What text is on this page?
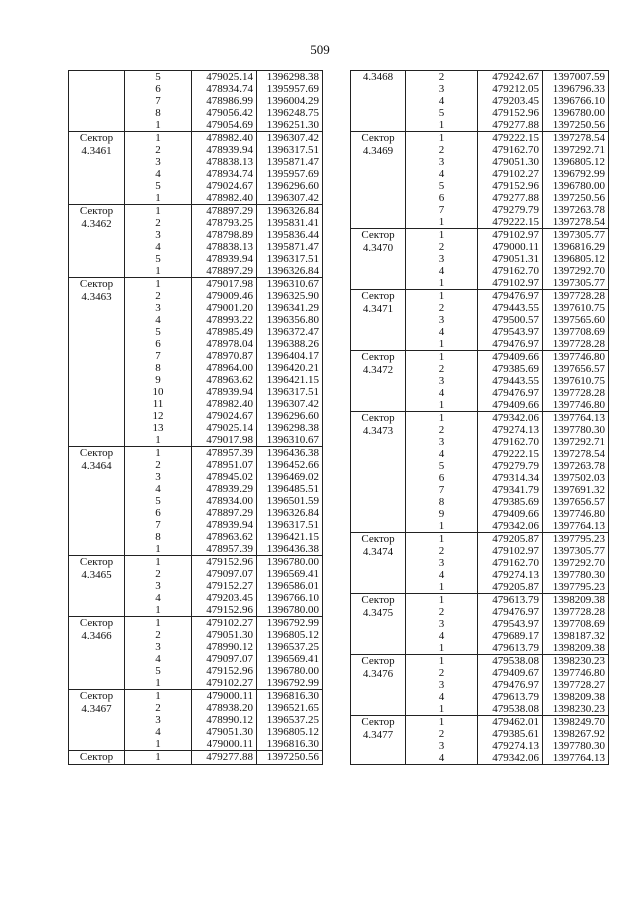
509
	5	479025.14	1396298.38
	6	478934.74	1395957.69
	7	478986.99	1396004.29
	8	479056.42	1396248.75
	1	479054.69	1396251.30

Сектор
4.3461	1	478982.40	1396307.42
	2	478939.94	1396317.51
	3	478838.13	1395871.47
	4	478934.74	1395957.69
	5	479024.67	1396296.60
	1	478982.40	1396307.42

Сектор
4.3462	1	478897.29	1396326.84
	2	478793.25	1395831.41
	3	478798.89	1395836.44
	4	478838.13	1395871.47
	5	478939.94	1396317.51
	1	478897.29	1396326.84

Сектор
4.3463	1	479017.98	1396310.67
	2	479009.46	1396325.90
	3	479001.20	1396341.29
	4	478993.22	1396356.80
	5	478985.49	1396372.47
	6	478978.04	1396388.26
	7	478970.87	1396404.17
	8	478964.00	1396420.21
	9	478963.62	1396421.15
	10	478939.94	1396317.51
	11	478982.40	1396307.42
	12	479024.67	1396296.60
	13	479025.14	1396298.38
	1	479017.98	1396310.67

Сектор
4.3464	1	478957.39	1396436.38
	2	478951.07	1396452.66
	3	478945.02	1396469.02
	4	478939.29	1396485.51
	5	478934.00	1396501.59
	6	478897.29	1396326.84
	7	478939.94	1396317.51
	8	478963.62	1396421.15
	1	478957.39	1396436.38

Сектор
4.3465	1	479152.96	1396780.00
	2	479097.07	1396569.41
	3	479152.27	1396586.01
	4	479203.45	1396766.10
	1	479152.96	1396780.00

Сектор
4.3466	1	479102.27	1396792.99
	2	479051.30	1396805.12
	3	478990.12	1396537.25
	4	479097.07	1396569.41
	5	479152.96	1396780.00
	1	479102.27	1396792.99

Сектор
4.3467	1	479000.11	1396816.30
	2	478938.20	1396521.65
	3	478990.12	1396537.25
	4	479051.30	1396805.12
	1	479000.11	1396816.30

Сектор	1	479277.88	1397250.56
4.3468	2	479242.67	1397007.59
	3	479212.05	1396796.33
	4	479203.45	1396766.10
	5	479152.96	1396780.00
	1	479277.88	1397250.56

Сектор
4.3469	1	479222.15	1397278.54
	2	479162.70	1397292.71
	3	479051.30	1396805.12
	4	479102.27	1396792.99
	5	479152.96	1396780.00
	6	479277.88	1397250.56
	7	479279.79	1397263.78
	1	479222.15	1397278.54

Сектор
4.3470	1	479102.97	1397305.77
	2	479000.11	1396816.29
	3	479051.31	1396805.12
	4	479162.70	1397292.70
	1	479102.97	1397305.77

Сектор
4.3471	1	479476.97	1397728.28
	2	479443.55	1397610.75
	3	479500.57	1397565.60
	4	479543.97	1397708.69
	1	479476.97	1397728.28

Сектор
4.3472	1	479409.66	1397746.80
	2	479385.69	1397656.57
	3	479443.55	1397610.75
	4	479476.97	1397728.28
	1	479409.66	1397746.80

Сектор
4.3473	1	479342.06	1397764.13
	2	479274.13	1397780.30
	3	479162.70	1397292.71
	4	479222.15	1397278.54
	5	479279.79	1397263.78
	6	479314.34	1397502.03
	7	479341.79	1397691.32
	8	479385.69	1397656.57
	9	479409.66	1397746.80
	1	479342.06	1397764.13

Сектор
4.3474	1	479205.87	1397795.23
	2	479102.97	1397305.77
	3	479162.70	1397292.70
	4	479274.13	1397780.30
	1	479205.87	1397795.23

Сектор
4.3475	1	479613.79	1398209.38
	2	479476.97	1397728.28
	3	479543.97	1397708.69
	4	479689.17	1398187.32
	1	479613.79	1398209.38

Сектор
4.3476	1	479538.08	1398230.23
	2	479409.67	1397746.80
	3	479476.97	1397728.27
	4	479613.79	1398209.38
	1	479538.08	1398230.23

Сектор
4.3477	1	479462.01	1398249.70
	2	479385.61	1398267.92
	3	479274.13	1397780.30
	4	479342.06	1397764.13
